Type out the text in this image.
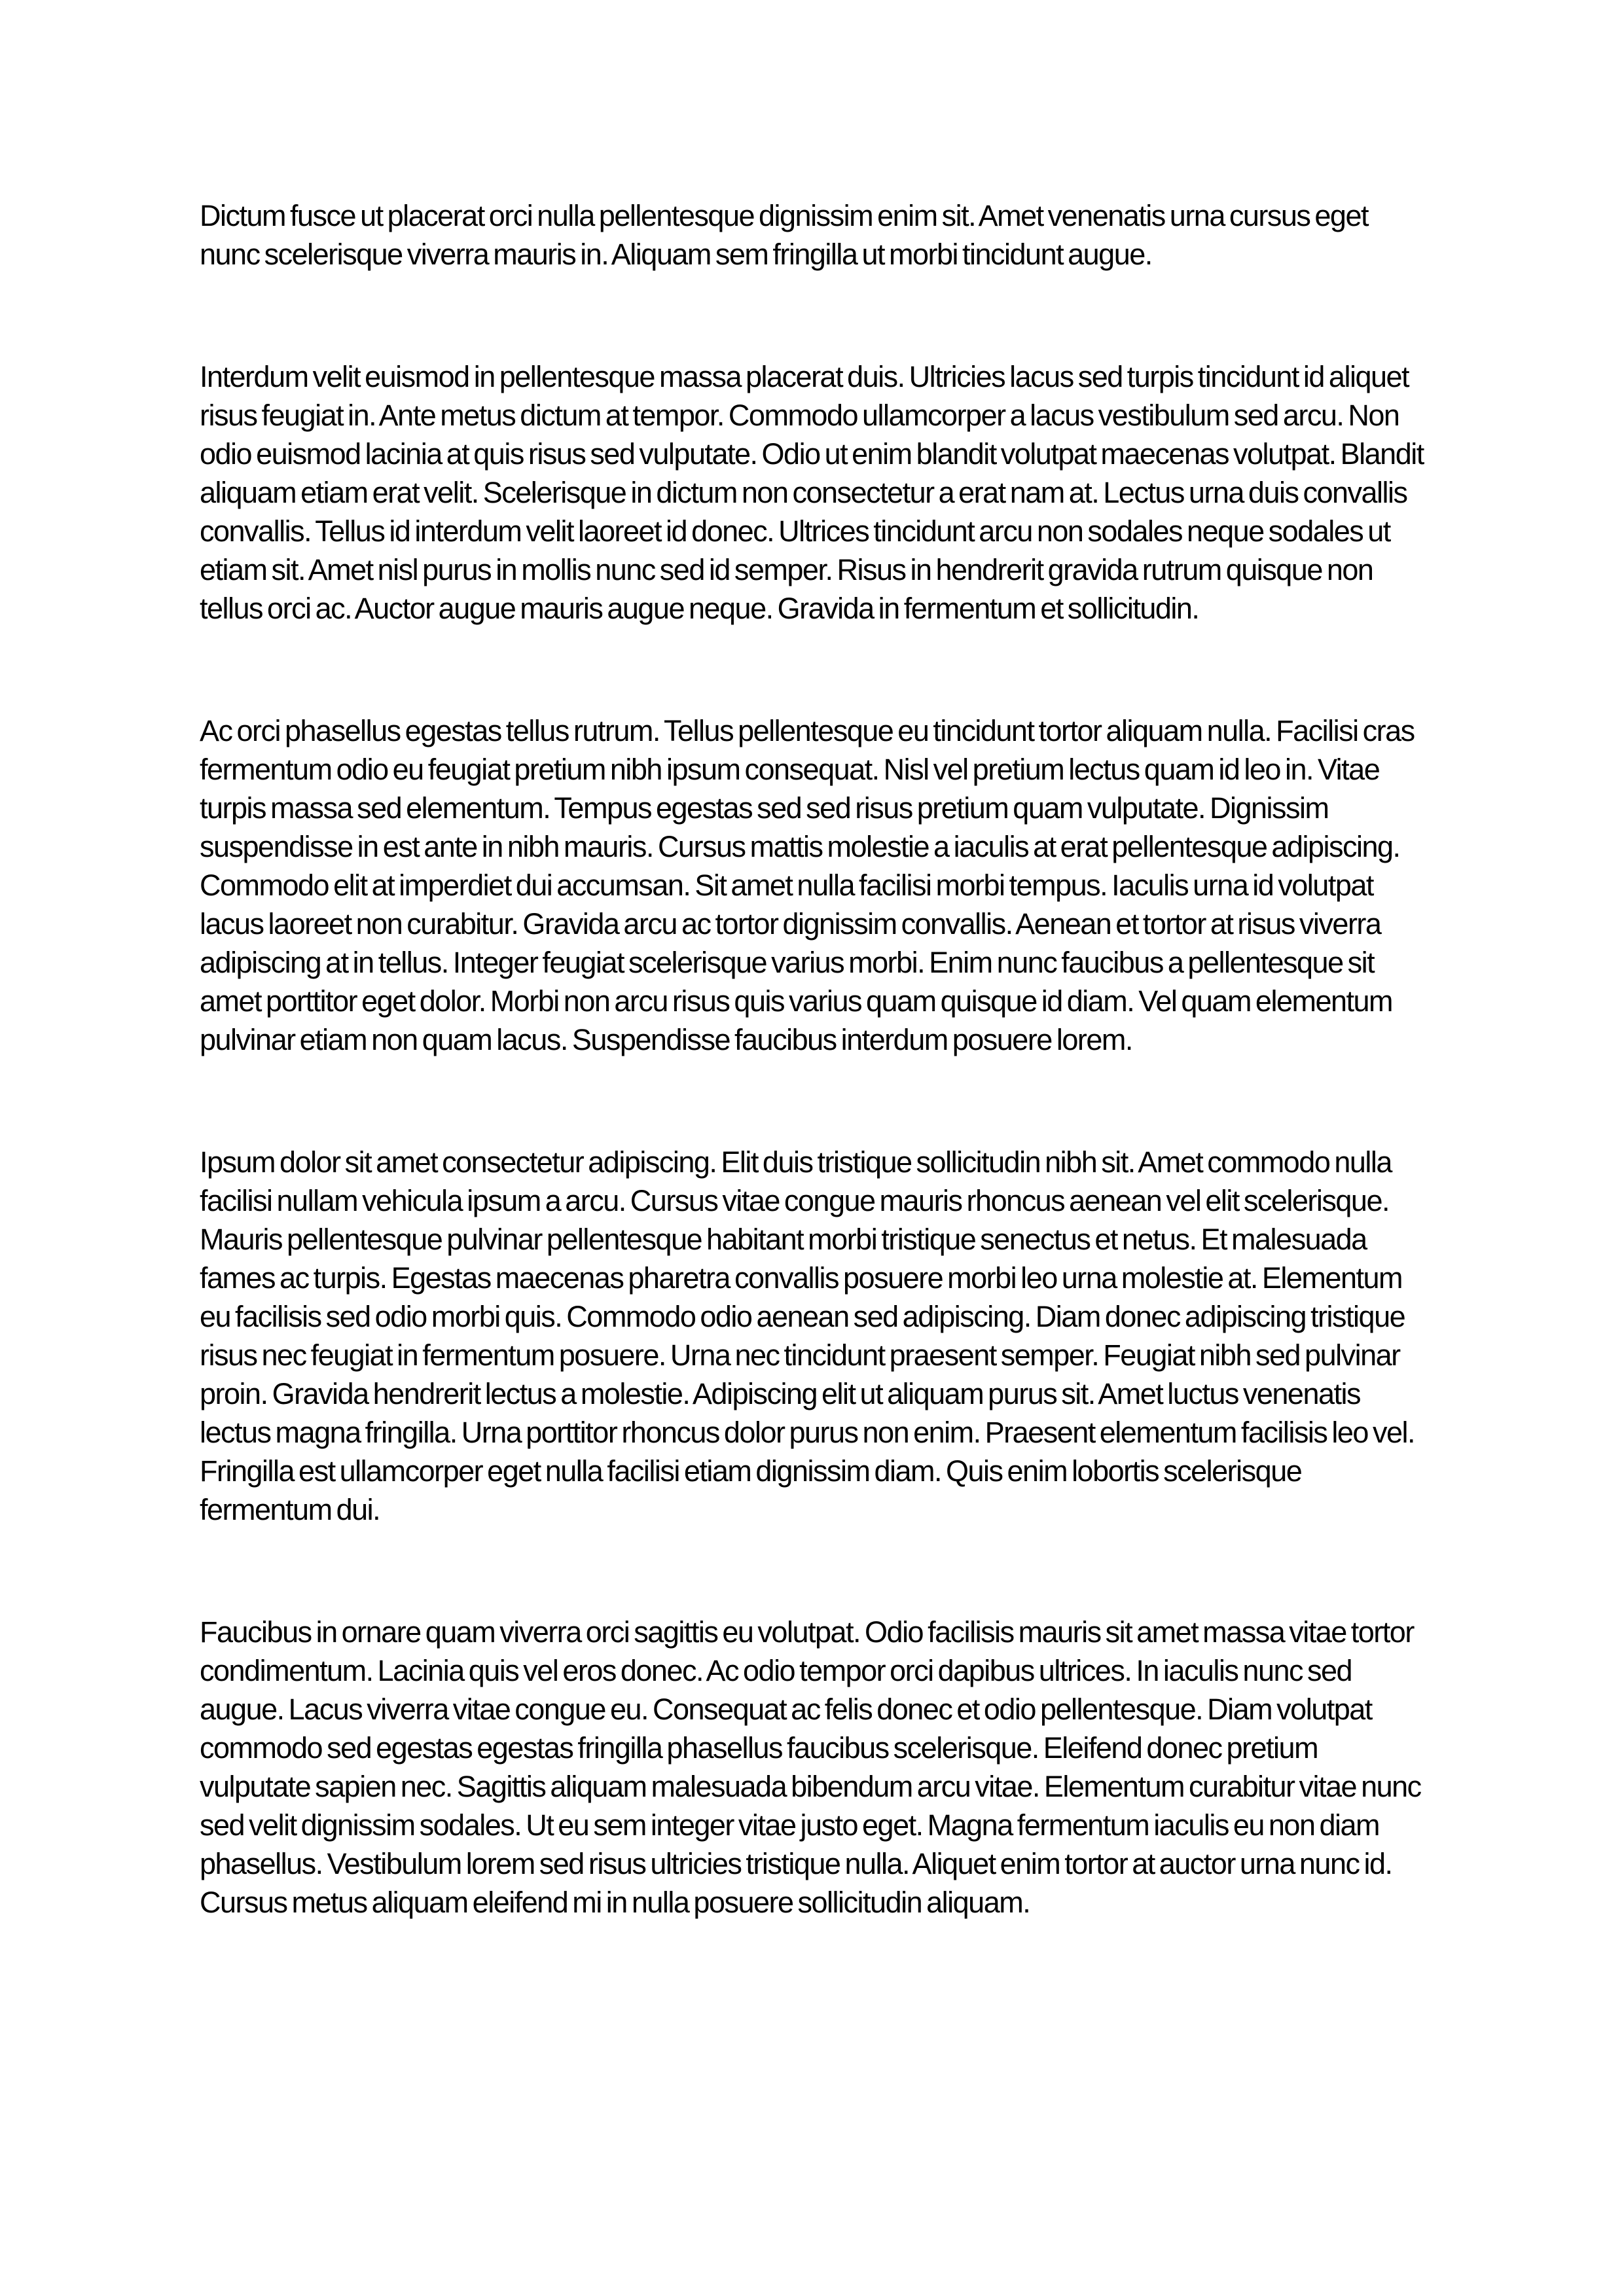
Dictum fusce ut placerat orci nulla pellentesque dignissim enim sit. Amet venenatis urna cursus eget nunc scelerisque viverra mauris in. Aliquam sem fringilla ut morbi tincidunt augue.

Interdum velit euismod in pellentesque massa placerat duis. Ultricies lacus sed turpis tincidunt id aliquet risus feugiat in. Ante metus dictum at tempor. Commodo ullamcorper a lacus vestibulum sed arcu. Non odio euismod lacinia at quis risus sed vulputate. Odio ut enim blandit volutpat maecenas volutpat. Blandit aliquam etiam erat velit. Scelerisque in dictum non consectetur a erat nam at. Lectus urna duis convallis convallis. Tellus id interdum velit laoreet id donec. Ultrices tincidunt arcu non sodales neque sodales ut etiam sit. Amet nisl purus in mollis nunc sed id semper. Risus in hendrerit gravida rutrum quisque non tellus orci ac. Auctor augue mauris augue neque. Gravida in fermentum et sollicitudin.

Ac orci phasellus egestas tellus rutrum. Tellus pellentesque eu tincidunt tortor aliquam nulla. Facilisi cras fermentum odio eu feugiat pretium nibh ipsum consequat. Nisl vel pretium lectus quam id leo in. Vitae turpis massa sed elementum. Tempus egestas sed sed risus pretium quam vulputate. Dignissim suspendisse in est ante in nibh mauris. Cursus mattis molestie a iaculis at erat pellentesque adipiscing. Commodo elit at imperdiet dui accumsan. Sit amet nulla facilisi morbi tempus. Iaculis urna id volutpat lacus laoreet non curabitur. Gravida arcu ac tortor dignissim convallis. Aenean et tortor at risus viverra adipiscing at in tellus. Integer feugiat scelerisque varius morbi. Enim nunc faucibus a pellentesque sit amet porttitor eget dolor. Morbi non arcu risus quis varius quam quisque id diam. Vel quam elementum pulvinar etiam non quam lacus. Suspendisse faucibus interdum posuere lorem.

Ipsum dolor sit amet consectetur adipiscing. Elit duis tristique sollicitudin nibh sit. Amet commodo nulla facilisi nullam vehicula ipsum a arcu. Cursus vitae congue mauris rhoncus aenean vel elit scelerisque. Mauris pellentesque pulvinar pellentesque habitant morbi tristique senectus et netus. Et malesuada fames ac turpis. Egestas maecenas pharetra convallis posuere morbi leo urna molestie at. Elementum eu facilisis sed odio morbi quis. Commodo odio aenean sed adipiscing. Diam donec adipiscing tristique risus nec feugiat in fermentum posuere. Urna nec tincidunt praesent semper. Feugiat nibh sed pulvinar proin. Gravida hendrerit lectus a molestie. Adipiscing elit ut aliquam purus sit. Amet luctus venenatis lectus magna fringilla. Urna porttitor rhoncus dolor purus non enim. Praesent elementum facilisis leo vel. Fringilla est ullamcorper eget nulla facilisi etiam dignissim diam. Quis enim lobortis scelerisque fermentum dui.

Faucibus in ornare quam viverra orci sagittis eu volutpat. Odio facilisis mauris sit amet massa vitae tortor condimentum. Lacinia quis vel eros donec. Ac odio tempor orci dapibus ultrices. In iaculis nunc sed augue. Lacus viverra vitae congue eu. Consequat ac felis donec et odio pellentesque. Diam volutpat commodo sed egestas egestas fringilla phasellus faucibus scelerisque. Eleifend donec pretium vulputate sapien nec. Sagittis aliquam malesuada bibendum arcu vitae. Elementum curabitur vitae nunc sed velit dignissim sodales. Ut eu sem integer vitae justo eget. Magna fermentum iaculis eu non diam phasellus. Vestibulum lorem sed risus ultricies tristique nulla. Aliquet enim tortor at auctor urna nunc id. Cursus metus aliquam eleifend mi in nulla posuere sollicitudin aliquam.
